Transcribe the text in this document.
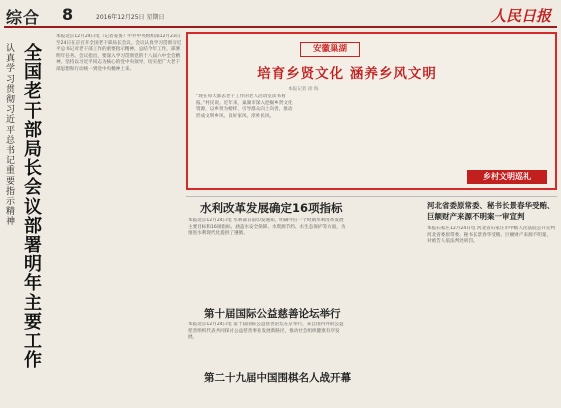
综合 8	2016年12月25日 星期日	人民日报
认真学习贯彻习近平总书记重要指示精神
全国老干部局长会议部署明年主要工作
本报北京12月24日电（记者姜赟）中共中央组织部12月23日至24日在京召开全国老干部局长会议。会议认真学习贯彻习近平总书记对老干部工作的重要指示精神，总结今年工作，部署明年任务。会议指出，要深入学习贯彻党的十八届六中全会精神，坚持以习近平同志为核心的党中央领导，切实把广大老干部思想和行动统一到党中央精神上来。
安徽巢湖
培育乡贤文化 涵养乡风文明
本报记者 徐 海
“现在每天都去老干工作的老人活动室读书看报。”村民说。近年来，巢湖市深入挖掘乡贤文化资源，以乡贤为榜样，引导群众向上向善，推动形成文明乡风、良好家风、淳朴民风。
乡村文明巡礼
水利改革发展确定16项指标
本报北京12月24日电 水利部日前印发通知，明确今后一个时期水利改革发展主要目标和16项指标，涵盖水安全保障、水资源节约、水生态保护等方面，为推进水利现代化提供了遵循。
第十届国际公益慈善论坛举行
本报北京12月24日电 第十届国际公益慈善论坛在京举行，来自国内外的公益慈善组织代表共同探讨公益慈善事业发展新路径，推动社会组织健康有序发展。
第二十九届中国围棋名人战开幕
河北省委原常委、秘书长景春华受贿、巨额财产来源不明案一审宣判
本报石家庄12月24日电 河北省石家庄市中级人民法院公开宣判河北省委原常委、秘书长景春华受贿、巨额财产来源不明案，对被告人依法判处刑罚。
